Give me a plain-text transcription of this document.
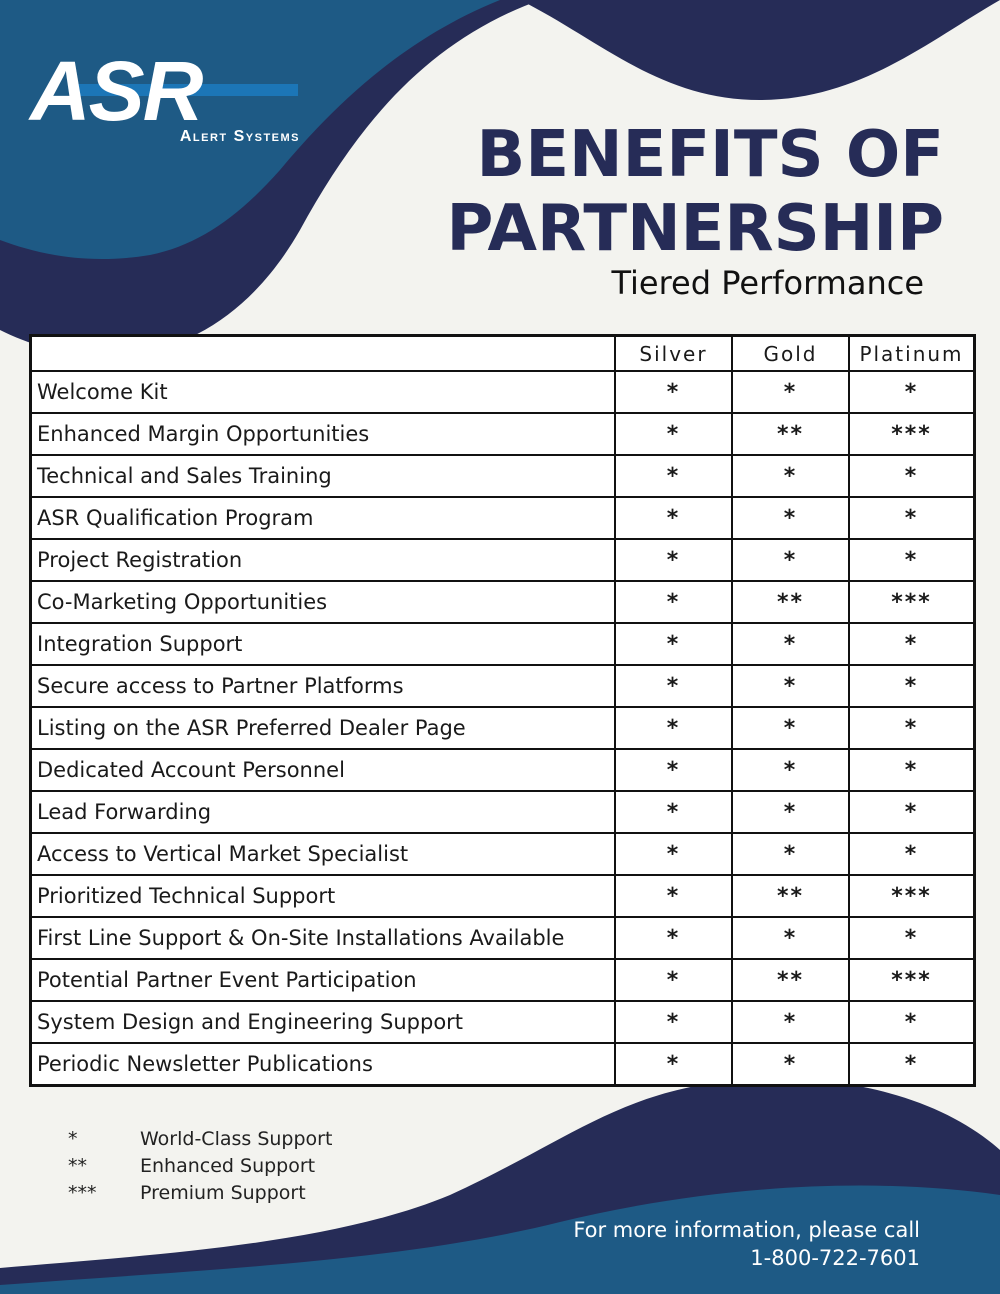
ASR
Alert Systems	BENEFITS OF
PARTNERSHIP
Tiered Performance
	Silver	Gold	Platinum
Welcome Kit	*	*	*
Enhanced Margin Opportunities	*	**	***
Technical and Sales Training	*	*	*
ASR Qualification Program	*	*	*
Project Registration	*	*	*
Co-Marketing Opportunities	*	**	***
Integration Support	*	*	*
Secure access to Partner Platforms	*	*	*
Listing on the ASR Preferred Dealer Page	*	*	*
Dedicated Account Personnel	*	*	*
Lead Forwarding	*	*	*
Access to Vertical Market Specialist	*	*	*
Prioritized Technical Support	*	**	***
First Line Support & On-Site Installations Available	*	*	*
Potential Partner Event Participation	*	**	***
System Design and Engineering Support	*	*	*
Periodic Newsletter Publications	*	*	*
*	World-Class Support
**	Enhanced Support
***	Premium Support
For more information, please call
1-800-722-7601
